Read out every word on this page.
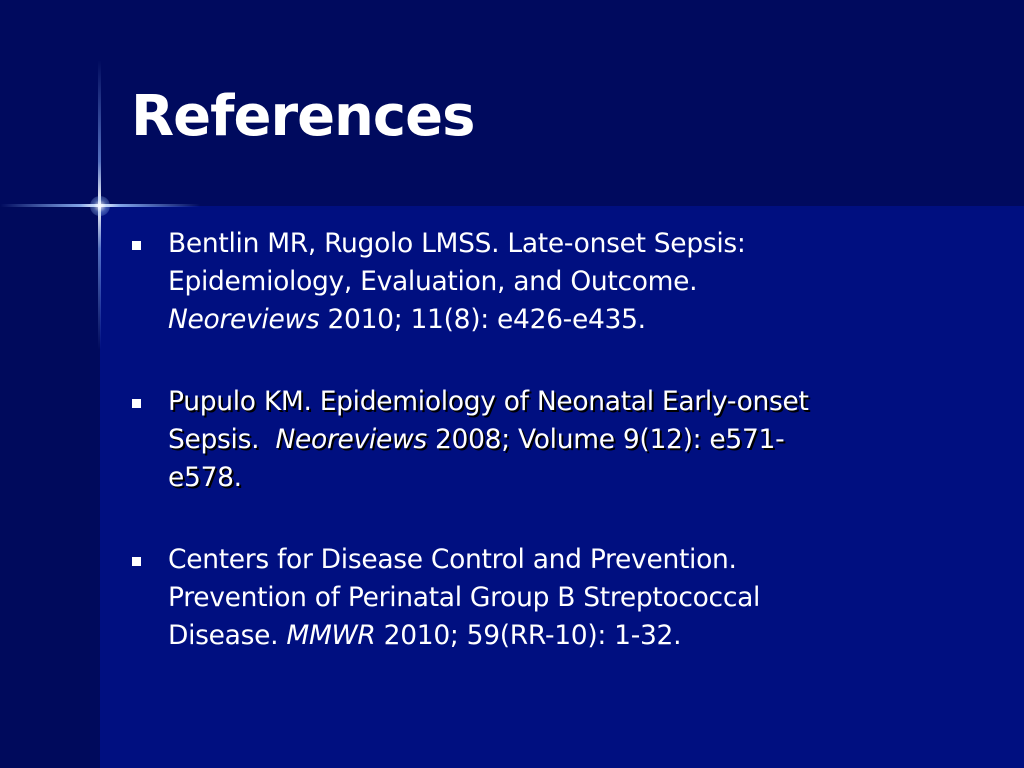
References
Bentlin MR, Rugolo LMSS. Late-onset Sepsis:
Epidemiology, Evaluation, and Outcome.
Neoreviews 2010; 11(8): e426-e435.
Pupulo KM. Epidemiology of Neonatal Early-onset
Sepsis.  Neoreviews 2008; Volume 9(12): e571-
e578.
Centers for Disease Control and Prevention.
Prevention of Perinatal Group B Streptococcal
Disease. MMWR 2010; 59(RR-10): 1-32.
